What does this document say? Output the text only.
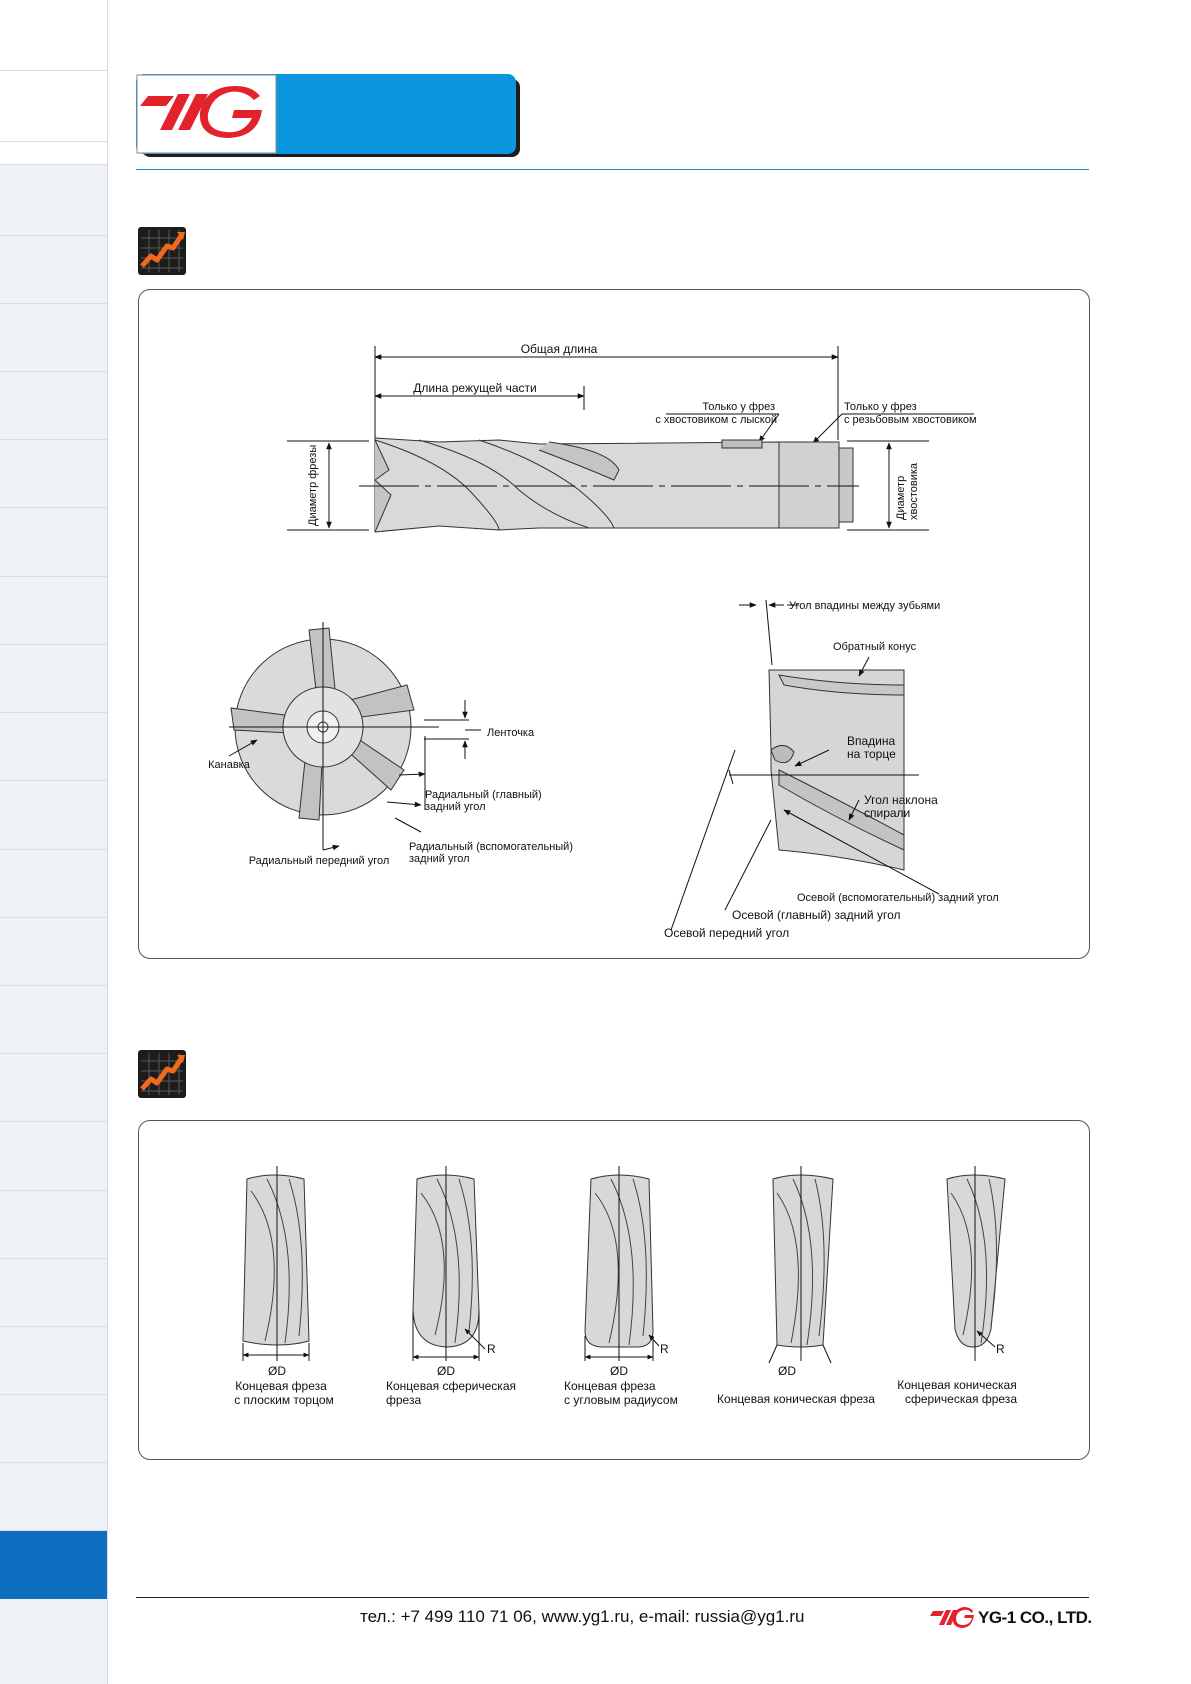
Общая длина
Длина режущей части
Только у фрез
с хвостовиком с лыской
Только у фрез
с резьбовым хвостовиком
Диаметр фрезы	Диаметр хвостовика
Ленточка
Канавка
Радиальный (главный)
задний угол
Радиальный (вспомогательный)
задний угол
Радиальный передний угол
Угол впадины между зубьями
Обратный конус
Впадина
на торце
Угол наклона
спирали
Осевой (вспомогательный) задний угол
Осевой (главный) задний угол
Осевой передний угол
ØD
Концевая фреза
с плоским торцом
ØD
R
Концевая сферическая
фреза
ØD
R
Концевая фреза
с угловым радиусом
ØD
Концевая коническая фреза
R
Концевая коническая
сферическая фреза
тел.: +7 499 110 71 06, www.yg1.ru, e-mail: russia@yg1.ru	YG-1 CO., LTD.
